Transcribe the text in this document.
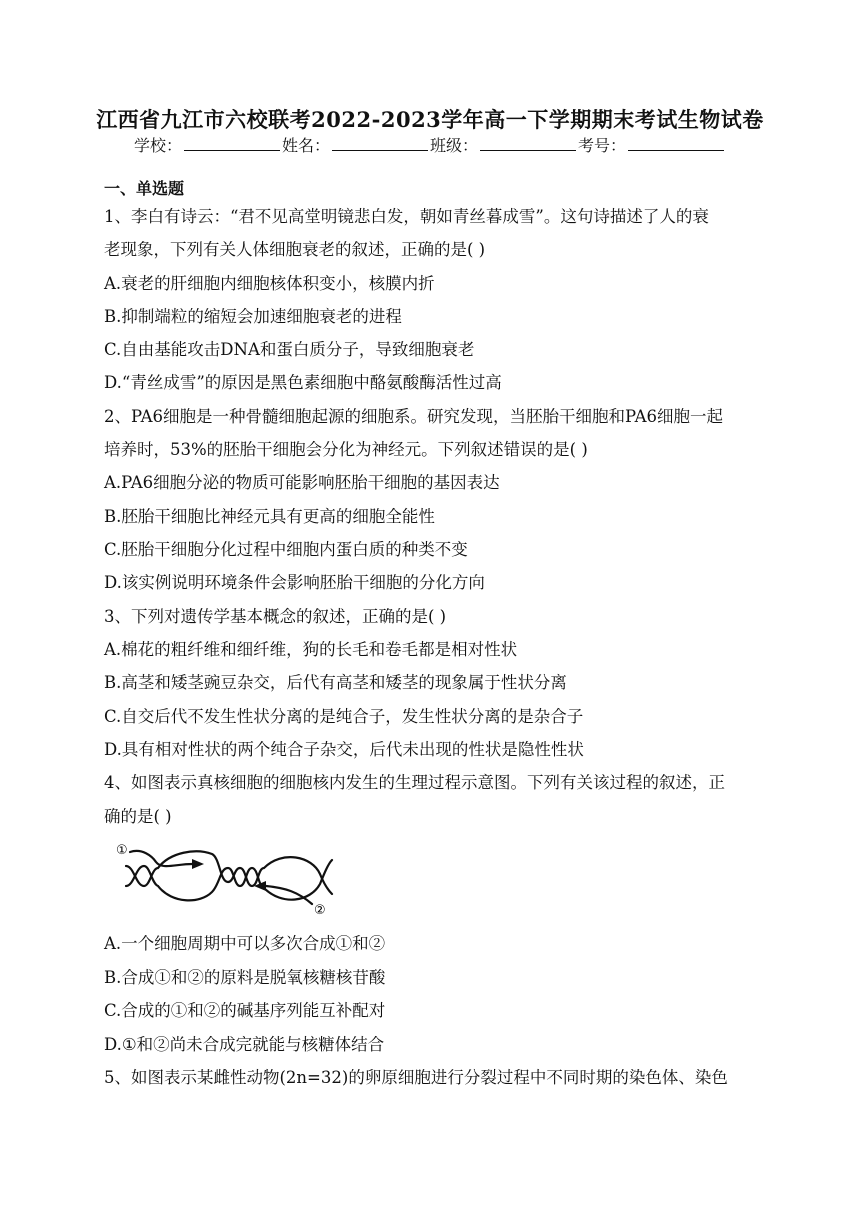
江西省九江市六校联考2022-2023学年高一下学期期末考试生物试卷
学校：	姓名：	班级：	考号：
一、单选题
1、李白有诗云：“君不见高堂明镜悲白发，朝如青丝暮成雪”。这句诗描述了人的衰
老现象，下列有关人体细胞衰老的叙述，正确的是( )
A.衰老的肝细胞内细胞核体积变小，核膜内折
B.抑制端粒的缩短会加速细胞衰老的进程
C.自由基能攻击DNA和蛋白质分子，导致细胞衰老
D.“青丝成雪”的原因是黑色素细胞中酪氨酸酶活性过高
2、PA6细胞是一种骨髓细胞起源的细胞系。研究发现，当胚胎干细胞和PA6细胞一起
培养时，53%的胚胎干细胞会分化为神经元。下列叙述错误的是( )
A.PA6细胞分泌的物质可能影响胚胎干细胞的基因表达
B.胚胎干细胞比神经元具有更高的细胞全能性
C.胚胎干细胞分化过程中细胞内蛋白质的种类不变
D.该实例说明环境条件会影响胚胎干细胞的分化方向
3、下列对遗传学基本概念的叙述，正确的是( )
A.棉花的粗纤维和细纤维，狗的长毛和卷毛都是相对性状
B.高茎和矮茎豌豆杂交，后代有高茎和矮茎的现象属于性状分离
C.自交后代不发生性状分离的是纯合子，发生性状分离的是杂合子
D.具有相对性状的两个纯合子杂交，后代未出现的性状是隐性性状
4、如图表示真核细胞的细胞核内发生的生理过程示意图。下列有关该过程的叙述，正
确的是( )
①
②
A.一个细胞周期中可以多次合成①和②
B.合成①和②的原料是脱氧核糖核苷酸
C.合成的①和②的碱基序列能互补配对
D.①和②尚未合成完就能与核糖体结合
5、如图表示某雌性动物(2n=32)的卵原细胞进行分裂过程中不同时期的染色体、染色
